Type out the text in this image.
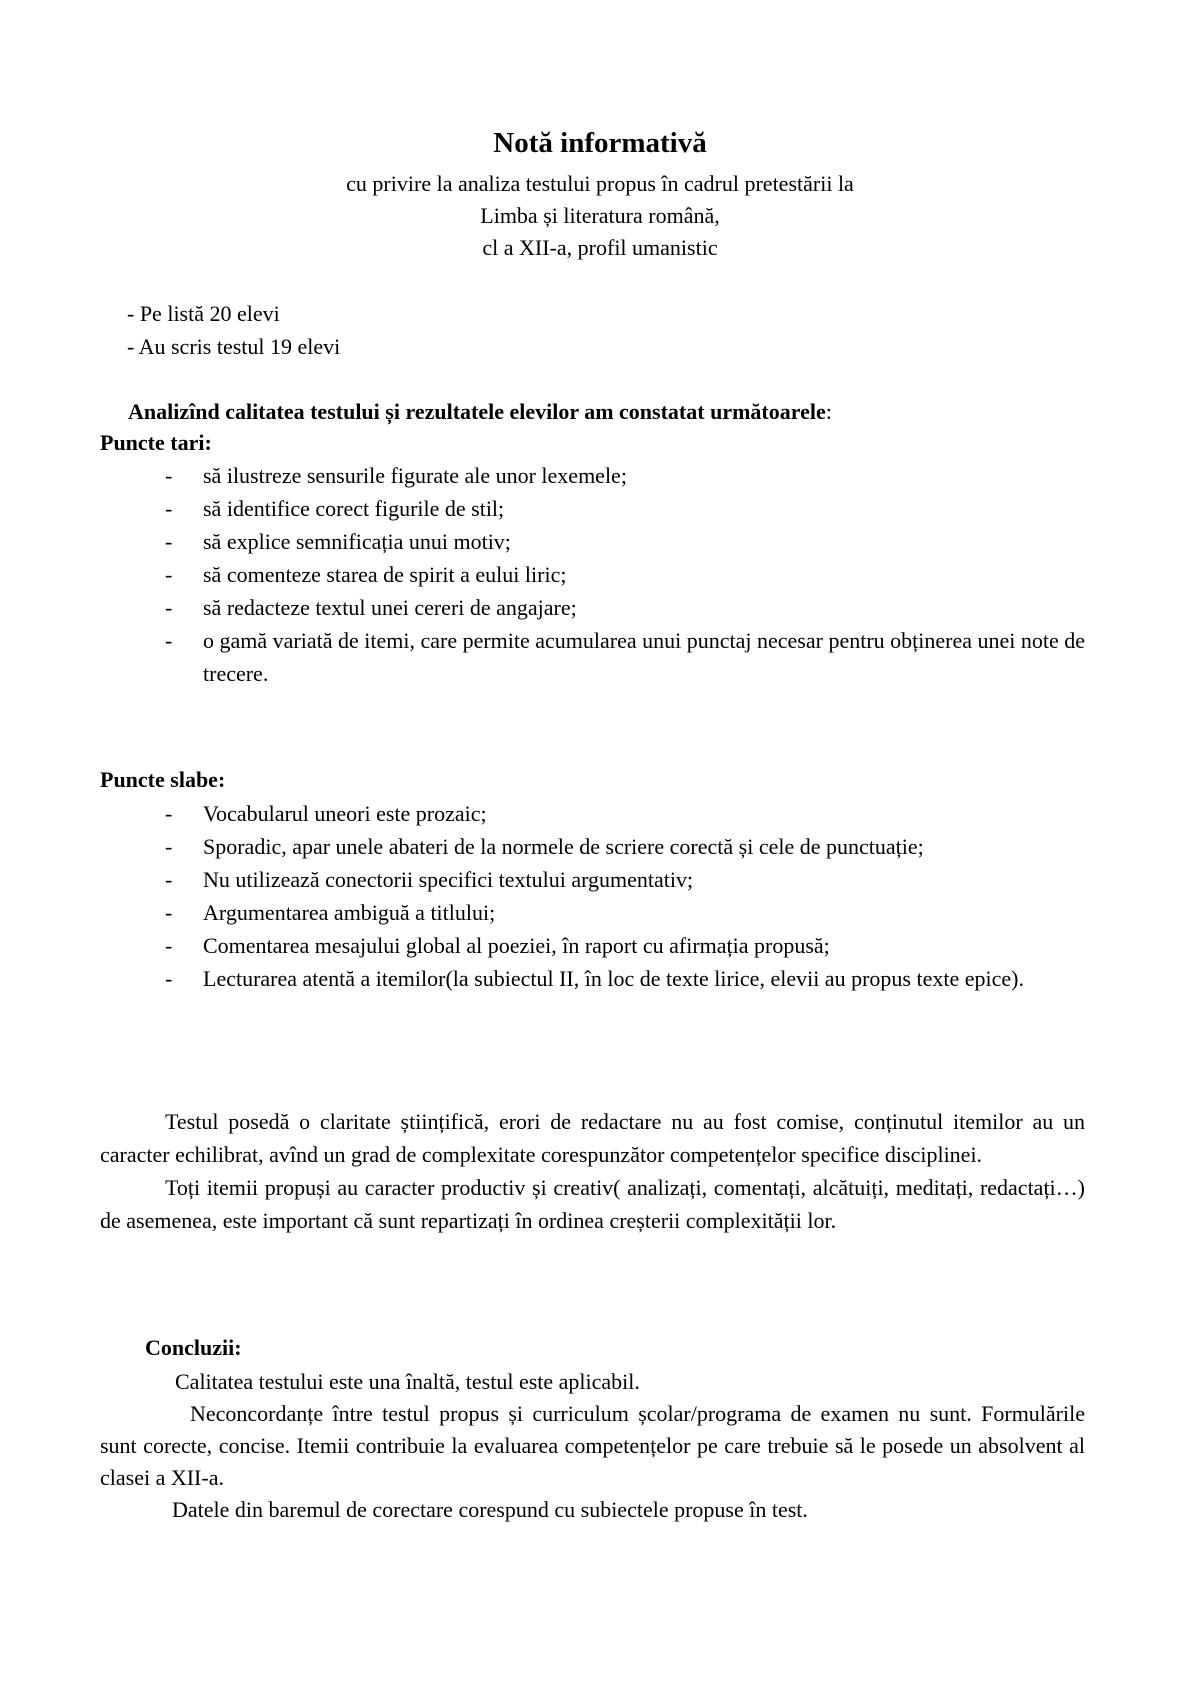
Notă informativă
cu privire la analiza testului propus în cadrul pretestării la
Limba și literatura română,
cl a XII-a, profil umanistic
- Pe listă 20 elevi
- Au scris testul 19 elevi
Analizînd calitatea testului și rezultatele elevilor am constatat următoarele:
Puncte tari:
- să ilustreze sensurile figurate ale unor lexemele;
- să identifice corect figurile de stil;
- să explice semnificația unui motiv;
- să comenteze starea de spirit a eului liric;
- să redacteze textul unei cereri de angajare;
- o gamă variată de itemi, care permite acumularea unui punctaj necesar pentru obținerea unei note de trecere.
Puncte slabe:
- Vocabularul uneori este prozaic;
- Sporadic, apar unele abateri de la normele de scriere corectă și cele de punctuație;
- Nu utilizează conectorii specifici textului argumentativ;
- Argumentarea ambiguă a titlului;
- Comentarea mesajului global al poeziei, în raport cu afirmația propusă;
- Lecturarea atentă a itemilor(la subiectul II, în loc de texte lirice, elevii au propus texte epice).

Testul posedă o claritate științifică, erori de redactare nu au fost comise, conținutul itemilor au un caracter echilibrat, avînd un grad de complexitate corespunzător competențelor specifice disciplinei.

Toți itemii propuși au caracter productiv și creativ( analizați, comentați, alcătuiți, meditați, redactați…) de asemenea, este important că sunt repartizați în ordinea creșterii complexității lor.

Concluzii:

Calitatea testului este una înaltă, testul este aplicabil.

Neconcordanțe între testul propus și curriculum școlar/programa de examen nu sunt. Formulările sunt corecte, concise. Itemii contribuie la evaluarea competențelor pe care trebuie să le posede un absolvent al clasei a XII-a.

Datele din baremul de corectare corespund cu subiectele propuse în test.
